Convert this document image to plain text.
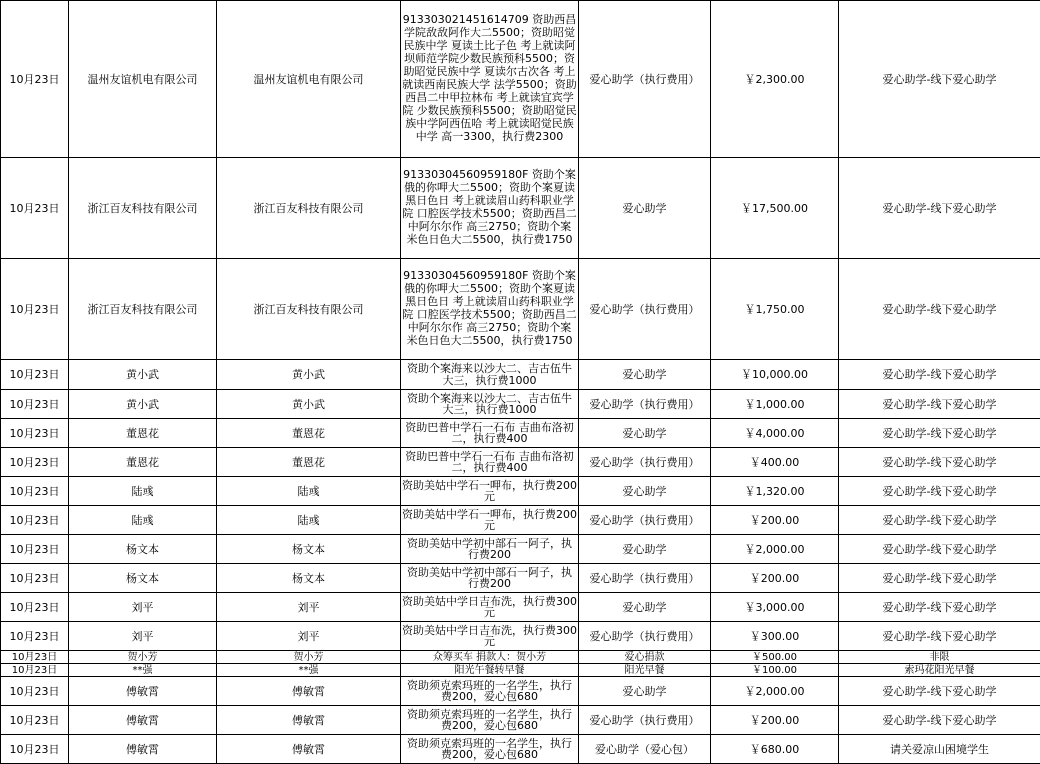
10月23日	温州友谊机电有限公司	温州友谊机电有限公司	913303021451614709 资助西昌学院敌敌阿作大二5500；资助昭觉民族中学 夏读土比子色 考上就读阿坝师范学院少数民族预科5500；资助昭觉民族中学 夏读尔古次各 考上就读西南民族大学 法学5500；资助西昌二中甲拉林布 考上就读宜宾学院 少数民族预科5500；资助昭觉民族中学阿西伍哈 考上就读昭觉民族中学 高一3300，执行费2300	爱心助学（执行费用）	￥2,300.00	爱心助学-线下爱心助学
10月23日	浙江百友科技有限公司	浙江百友科技有限公司	91330304560959180F 资助个案 俄的你呷大二5500；资助个案夏读黑日色日 考上就读眉山药科职业学院 口腔医学技术5500；资助西昌二中阿尔尔作 高三2750；资助个案 米色日色大二5500，执行费1750	爱心助学	￥17,500.00	爱心助学-线下爱心助学
10月23日	浙江百友科技有限公司	浙江百友科技有限公司	91330304560959180F 资助个案 俄的你呷大二5500；资助个案夏读黑日色日 考上就读眉山药科职业学院 口腔医学技术5500；资助西昌二中阿尔尔作 高三2750；资助个案 米色日色大二5500，执行费1750	爱心助学（执行费用）	￥1,750.00	爱心助学-线下爱心助学
10月23日	黄小武	黄小武	资助个案海来以沙大二、吉古伍牛大三，执行费1000	爱心助学	￥10,000.00	爱心助学-线下爱心助学
10月23日	黄小武	黄小武	资助个案海来以沙大二、吉古伍牛大三，执行费1000	爱心助学（执行费用）	￥1,000.00	爱心助学-线下爱心助学
10月23日	董恩花	董恩花	资助巴普中学石一石布 吉曲布洛初二，执行费400	爱心助学	￥4,000.00	爱心助学-线下爱心助学
10月23日	董恩花	董恩花	资助巴普中学石一石布 吉曲布洛初二，执行费400	爱心助学（执行费用）	￥400.00	爱心助学-线下爱心助学
10月23日	陆彧	陆彧	资助美姑中学石一呷布，执行费200元	爱心助学	￥1,320.00	爱心助学-线下爱心助学
10月23日	陆彧	陆彧	资助美姑中学石一呷布，执行费200元	爱心助学（执行费用）	￥200.00	爱心助学-线下爱心助学
10月23日	杨文本	杨文本	资助美姑中学初中部石一阿子，执行费200	爱心助学	￥2,000.00	爱心助学-线下爱心助学
10月23日	杨文本	杨文本	资助美姑中学初中部石一阿子，执行费200	爱心助学（执行费用）	￥200.00	爱心助学-线下爱心助学
10月23日	刘平	刘平	资助美姑中学日吉布洗，执行费300元	爱心助学	￥3,000.00	爱心助学-线下爱心助学
10月23日	刘平	刘平	资助美姑中学日吉布洗，执行费300元	爱心助学（执行费用）	￥300.00	爱心助学-线下爱心助学
10月23日	贺小芳	贺小芳	众筹买车 捐款人：贺小芳	爱心捐款	￥500.00	非限
10月23日	**强	**强	阳光午餐转早餐	阳光早餐	￥100.00	索玛花阳光早餐
10月23日	傅敏霄	傅敏霄	资助须克索玛班的一名学生，执行费200，爱心包680	爱心助学	￥2,000.00	爱心助学-线下爱心助学
10月23日	傅敏霄	傅敏霄	资助须克索玛班的一名学生，执行费200，爱心包680	爱心助学（执行费用）	￥200.00	爱心助学-线下爱心助学
10月23日	傅敏霄	傅敏霄	资助须克索玛班的一名学生，执行费200，爱心包680	爱心助学（爱心包）	￥680.00	请关爱凉山困境学生
